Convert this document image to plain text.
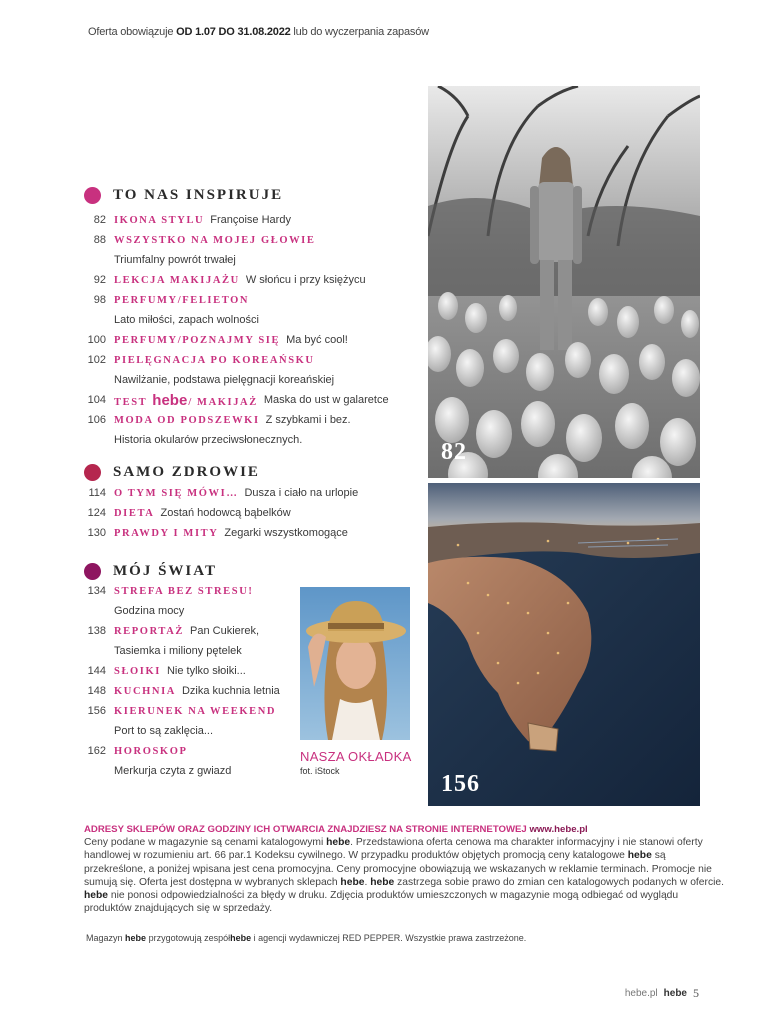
Oferta obowiązuje OD 1.07 DO 31.08.2022 lub do wyczerpania zapasów
TO NAS INSPIRUJE
82 IKONA STYLU Françoise Hardy
88 WSZYSTKO NA MOJEJ GŁOWIE
Triumfalny powrót trwałej
92 LEKCJA MAKIJAŻU W słońcu i przy księżycu
98 PERFUMY/FELIETON
Lato miłości, zapach wolności
100 PERFUMY/POZNAJMY SIĘ Ma być cool!
102 PIELĘGNACJA PO KOREAŃSKU
Nawilżanie, podstawa pielęgnacji koreańskiej
104 TEST hebe/ MAKIJAŻ Maska do ust w galaretce
106 MODA OD PODSZEWKI Z szybkami i bez.
Historia okularów przeciwsłonecznych.
SAMO ZDROWIE
114 O TYM SIĘ MÓWI… Dusza i ciało na urlopie
124 DIETA Zostań hodowcą bąbelków
130 PRAWDY I MITY Zegarki wszystkomogące
MÓJ ŚWIAT
134 STREFA BEZ STRESU!
Godzina mocy
138 REPORTAŻ Pan Cukierek,
Tasiemka i miliony pętelek
144 SŁOIKI Nie tylko słoiki...
148 KUCHNIA Dzika kuchnia letnia
156 KIERUNEK NA WEEKEND
Port to są zaklęcia...
162 HOROSKOP
Merkurja czyta z gwiazd
82
156
NASZA OKŁADKA
fot. iStock
ADRESY SKLEPÓW ORAZ GODZINY ICH OTWARCIA ZNAJDZIESZ NA STRONIE INTERNETOWEJ www.hebe.pl
Ceny podane w magazynie są cenami katalogowymi hebe. Przedstawiona oferta cenowa ma charakter informacyjny i nie stanowi oferty handlowej w rozumieniu art. 66 par.1 Kodeksu cywilnego. W przypadku produktów objętych promocją ceny katalogowe hebe są przekreślone, a poniżej wpisana jest cena promocyjna. Ceny promocyjne obowiązują we wskazanych w reklamie terminach. Promocje nie sumują się. Oferta jest dostępna w wybranych sklepach hebe. hebe zastrzega sobie prawo do zmian cen katalogowych podanych w ofercie. hebe nie ponosi odpowiedzialności za błędy w druku. Zdjęcia produktów umieszczonych w magazynie mogą odbiegać od wyglądu produktów znajdujących się w sprzedaży.
Magazyn hebe przygotowują zespółhebe i agencji wydawniczej RED PEPPER. Wszystkie prawa zastrzeżone.
hebe.pl hebe 5
